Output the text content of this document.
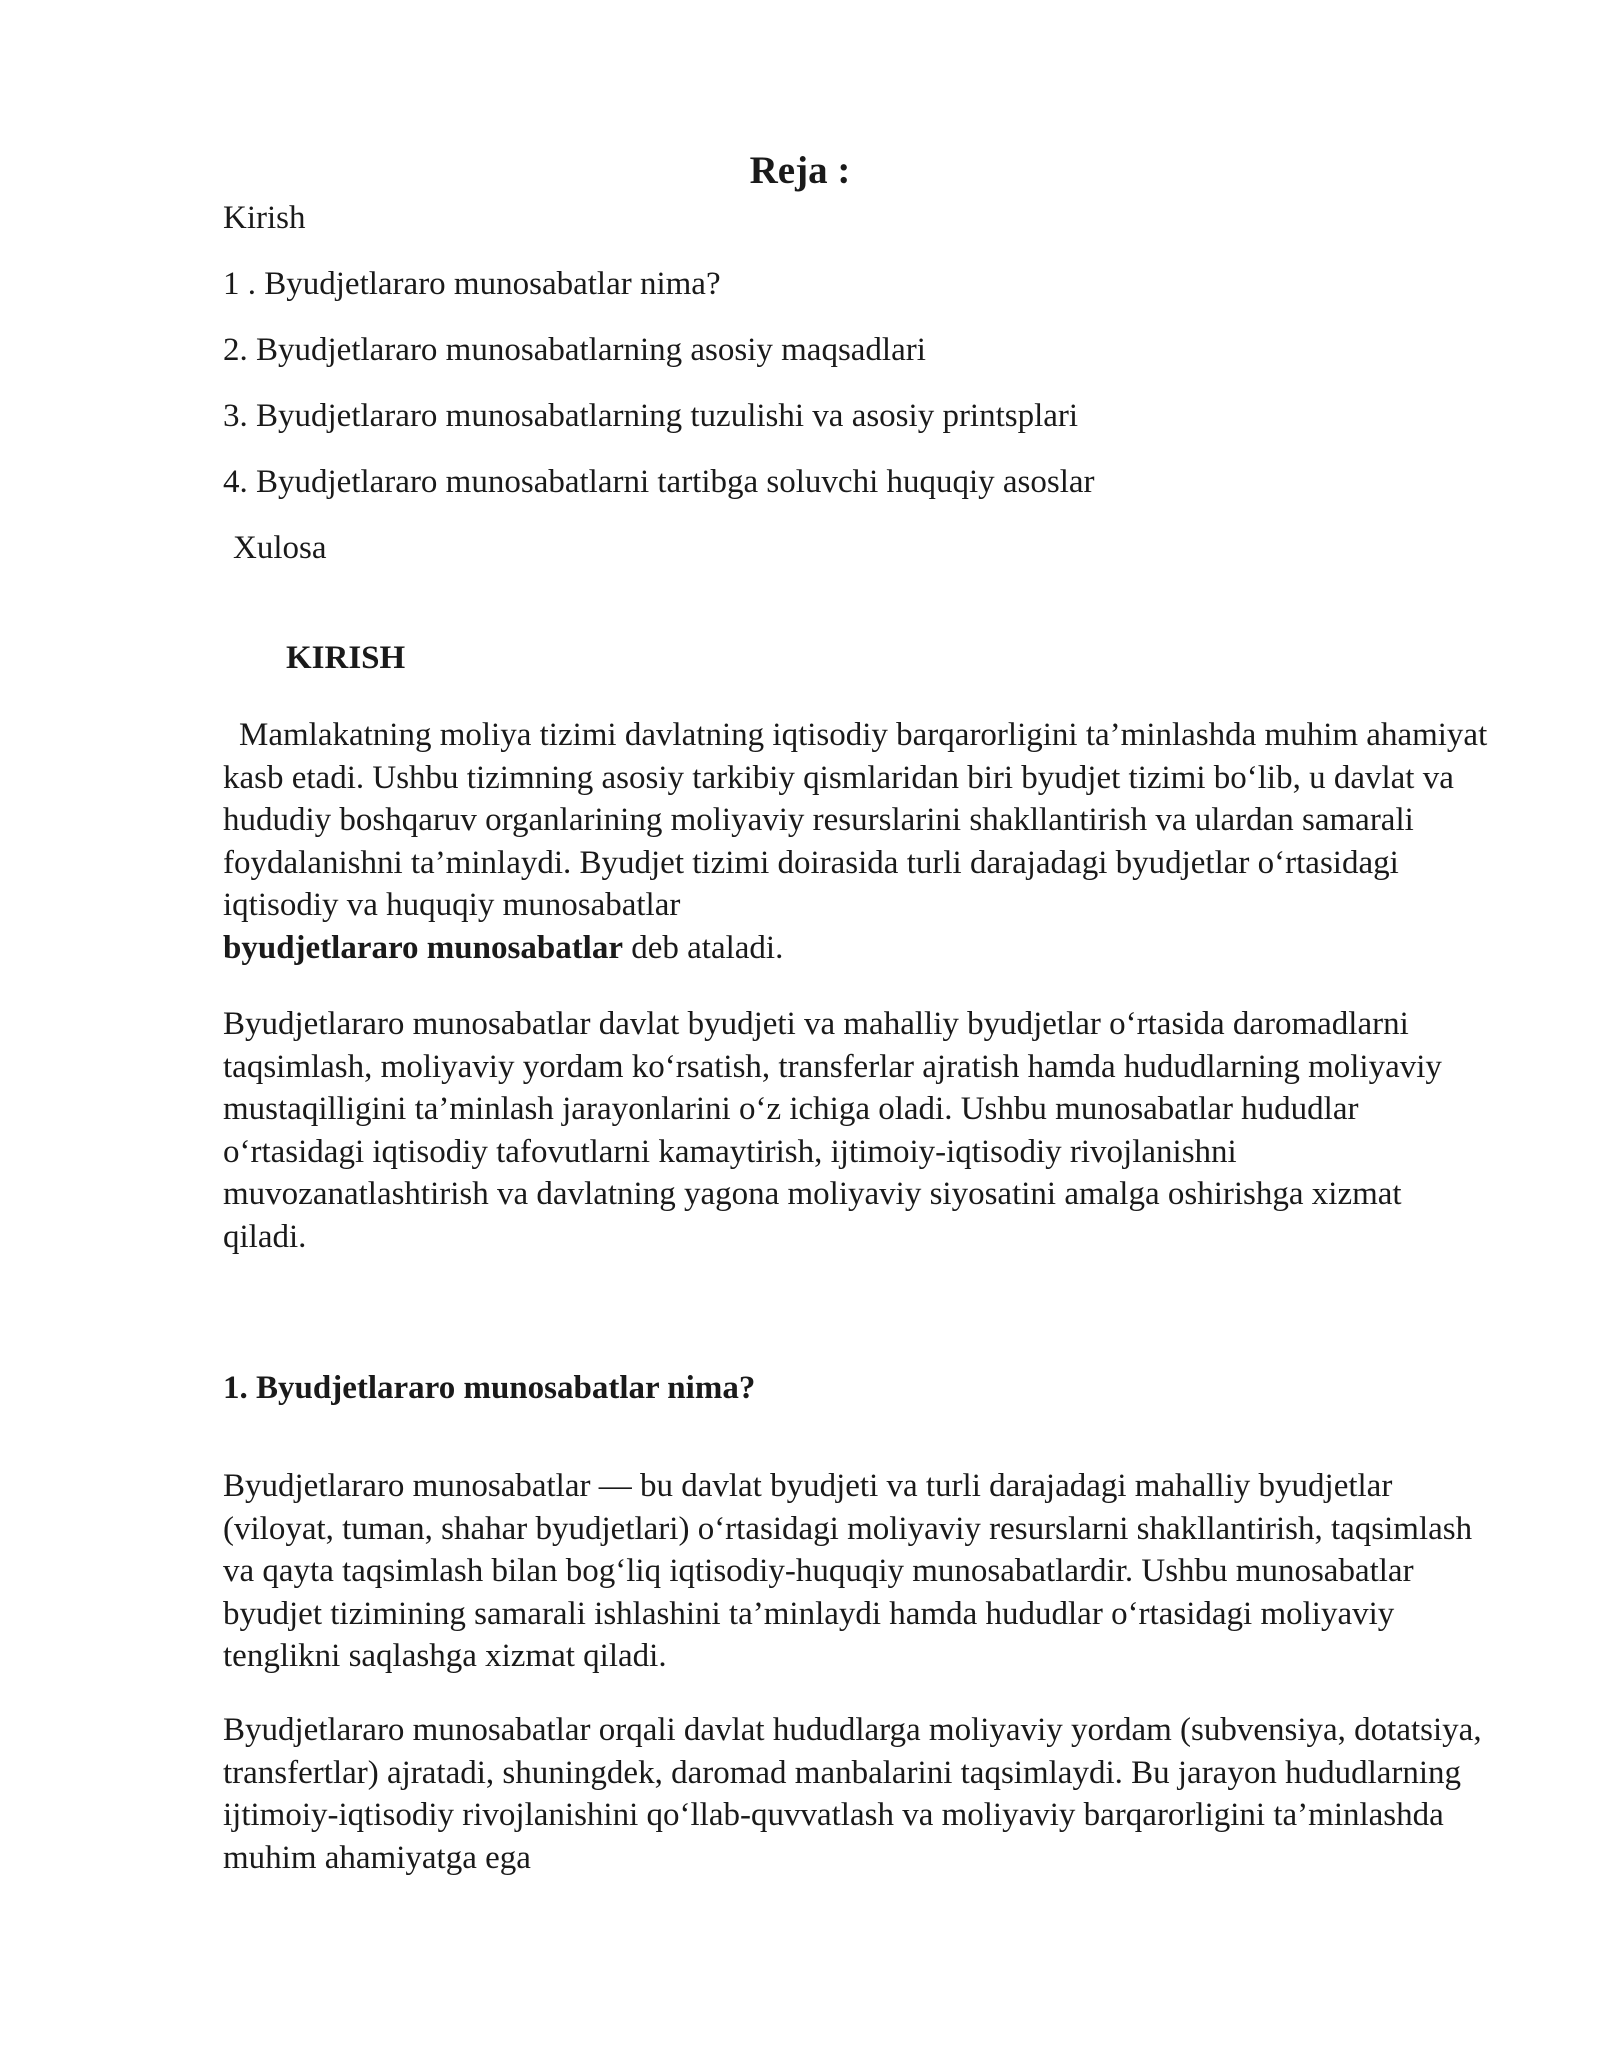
Reja :
Kirish
1 . Byudjetlararo munosabatlar nima?
2. Byudjetlararo munosabatlarning asosiy maqsadlari
3. Byudjetlararo munosabatlarning tuzulishi va asosiy printsplari
4. Byudjetlararo munosabatlarni tartibga soluvchi huquqiy asoslar
Xulosa
KIRISH

Mamlakatning moliya tizimi davlatning iqtisodiy barqarorligini ta’minlashda muhim ahamiyat kasb etadi. Ushbu tizimning asosiy tarkibiy qismlaridan biri byudjet tizimi bo‘lib, u davlat va hududiy boshqaruv organlarining moliyaviy resurslarini shakllantirish va ulardan samarali foydalanishni ta’minlaydi. Byudjet tizimi doirasida turli darajadagi byudjetlar o‘rtasidagi iqtisodiy va huquqiy munosabatlar
byudjetlararo munosabatlar deb ataladi.

Byudjetlararo munosabatlar davlat byudjeti va mahalliy byudjetlar o‘rtasida daromadlarni taqsimlash, moliyaviy yordam ko‘rsatish, transferlar ajratish hamda hududlarning moliyaviy mustaqilligini ta’minlash jarayonlarini o‘z ichiga oladi. Ushbu munosabatlar hududlar o‘rtasidagi iqtisodiy tafovutlarni kamaytirish, ijtimoiy-iqtisodiy rivojlanishni muvozanatlashtirish va davlatning yagona moliyaviy siyosatini amalga oshirishga xizmat qiladi.

1. Byudjetlararo munosabatlar nima?

Byudjetlararo munosabatlar — bu davlat byudjeti va turli darajadagi mahalliy byudjetlar (viloyat, tuman, shahar byudjetlari) o‘rtasidagi moliyaviy resurslarni shakllantirish, taqsimlash va qayta taqsimlash bilan bog‘liq iqtisodiy-huquqiy munosabatlardir. Ushbu munosabatlar byudjet tizimining samarali ishlashini ta’minlaydi hamda hududlar o‘rtasidagi moliyaviy tenglikni saqlashga xizmat qiladi.

Byudjetlararo munosabatlar orqali davlat hududlarga moliyaviy yordam (subvensiya, dotatsiya, transfertlar) ajratadi, shuningdek, daromad manbalarini taqsimlaydi. Bu jarayon hududlarning ijtimoiy-iqtisodiy rivojlanishini qo‘llab-quvvatlash va moliyaviy barqarorligini ta’minlashda muhim ahamiyatga ega
